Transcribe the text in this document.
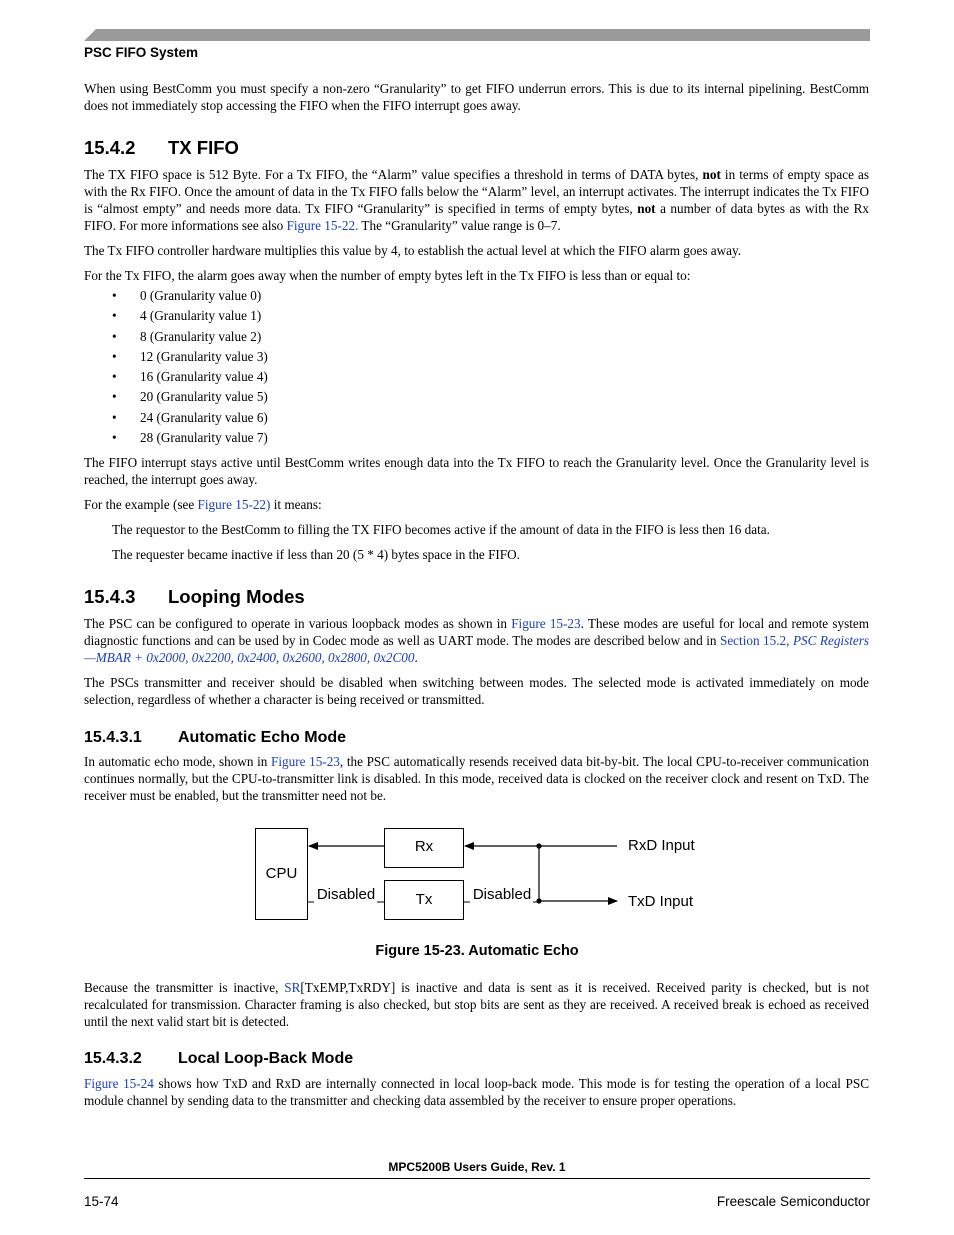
PSC FIFO System
When using BestComm you must specify a non-zero “Granularity” to get FIFO underrun errors. This is due to its internal pipelining. BestComm does not immediately stop accessing the FIFO when the FIFO interrupt goes away.
15.4.2 TX FIFO
The TX FIFO space is 512 Byte. For a Tx FIFO, the “Alarm” value specifies a threshold in terms of DATA bytes, not in terms of empty space as with the Rx FIFO. Once the amount of data in the Tx FIFO falls below the “Alarm” level, an interrupt activates. The interrupt indicates the Tx FIFO is “almost empty” and needs more data. Tx FIFO “Granularity” is specified in terms of empty bytes, not a number of data bytes as with the Rx FIFO. For more informations see also Figure 15-22. The “Granularity” value range is 0–7.
The Tx FIFO controller hardware multiplies this value by 4, to establish the actual level at which the FIFO alarm goes away.
For the Tx FIFO, the alarm goes away when the number of empty bytes left in the Tx FIFO is less than or equal to:
• 0 (Granularity value 0)
• 4 (Granularity value 1)
• 8 (Granularity value 2)
• 12 (Granularity value 3)
• 16 (Granularity value 4)
• 20 (Granularity value 5)
• 24 (Granularity value 6)
• 28 (Granularity value 7)
The FIFO interrupt stays active until BestComm writes enough data into the Tx FIFO to reach the Granularity level. Once the Granularity level is reached, the interrupt goes away.
For the example (see Figure 15-22) it means:
The requestor to the BestComm to filling the TX FIFO becomes active if the amount of data in the FIFO is less then 16 data.
The requester became inactive if less than 20 (5 * 4) bytes space in the FIFO.
15.4.3 Looping Modes
The PSC can be configured to operate in various loopback modes as shown in Figure 15-23. These modes are useful for local and remote system diagnostic functions and can be used by in Codec mode as well as UART mode. The modes are described below and in Section 15.2, PSC Registers—MBAR + 0x2000, 0x2200, 0x2400, 0x2600, 0x2800, 0x2C00.
The PSCs transmitter and receiver should be disabled when switching between modes. The selected mode is activated immediately on mode selection, regardless of whether a character is being received or transmitted.
15.4.3.1 Automatic Echo Mode
In automatic echo mode, shown in Figure 15-23, the PSC automatically resends received data bit-by-bit. The local CPU-to-receiver communication continues normally, but the CPU-to-transmitter link is disabled. In this mode, received data is clocked on the receiver clock and resent on TxD. The receiver must be enabled, but the transmitter need not be.
CPU
Rx
Tx
Disabled	Disabled
RxD Input
TxD Input
Figure 15-23. Automatic Echo
Because the transmitter is inactive, SR[TxEMP,TxRDY] is inactive and data is sent as it is received. Received parity is checked, but is not recalculated for transmission. Character framing is also checked, but stop bits are sent as they are received. A received break is echoed as received until the next valid start bit is detected.
15.4.3.2 Local Loop-Back Mode
Figure 15-24 shows how TxD and RxD are internally connected in local loop-back mode. This mode is for testing the operation of a local PSC module channel by sending data to the transmitter and checking data assembled by the receiver to ensure proper operations.
MPC5200B Users Guide, Rev. 1
15-74	Freescale Semiconductor
